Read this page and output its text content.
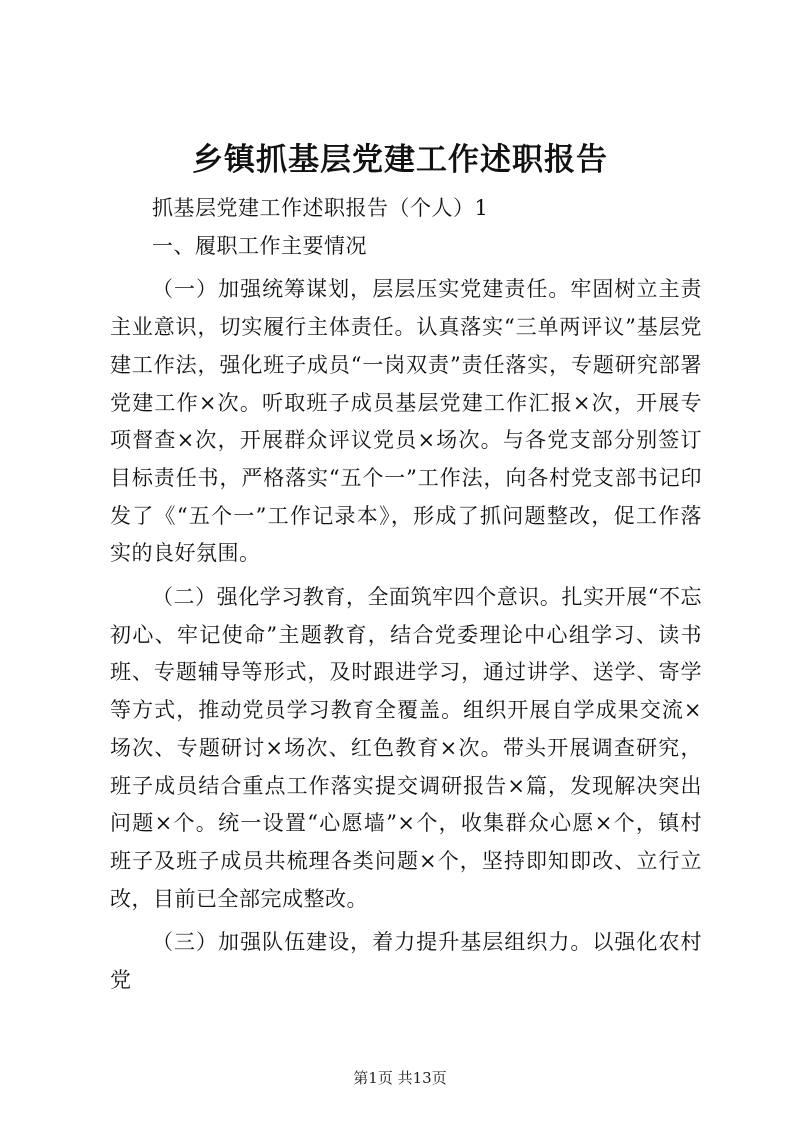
乡镇抓基层党建工作述职报告

抓基层党建工作述职报告（个人）1

一、履职工作主要情况

（一）加强统筹谋划，层层压实党建责任。牢固树立主责主业意识，切实履行主体责任。认真落实“三单两评议”基层党建工作法，强化班子成员“一岗双责”责任落实，专题研究部署党建工作×次。听取班子成员基层党建工作汇报×次，开展专项督查×次，开展群众评议党员×场次。与各党支部分别签订目标责任书，严格落实“五个一”工作法，向各村党支部书记印发了《“五个一”工作记录本》，形成了抓问题整改，促工作落实的良好氛围。

（二）强化学习教育，全面筑牢四个意识。扎实开展“不忘初心、牢记使命”主题教育，结合党委理论中心组学习、读书班、专题辅导等形式，及时跟进学习，通过讲学、送学、寄学等方式，推动党员学习教育全覆盖。组织开展自学成果交流×场次、专题研讨×场次、红色教育×次。带头开展调查研究，班子成员结合重点工作落实提交调研报告×篇，发现解决突出问题×个。统一设置“心愿墙”×个，收集群众心愿×个，镇村班子及班子成员共梳理各类问题×个，坚持即知即改、立行立改，目前已全部完成整改。

（三）加强队伍建设，着力提升基层组织力。以强化农村党

第1页 共13页
